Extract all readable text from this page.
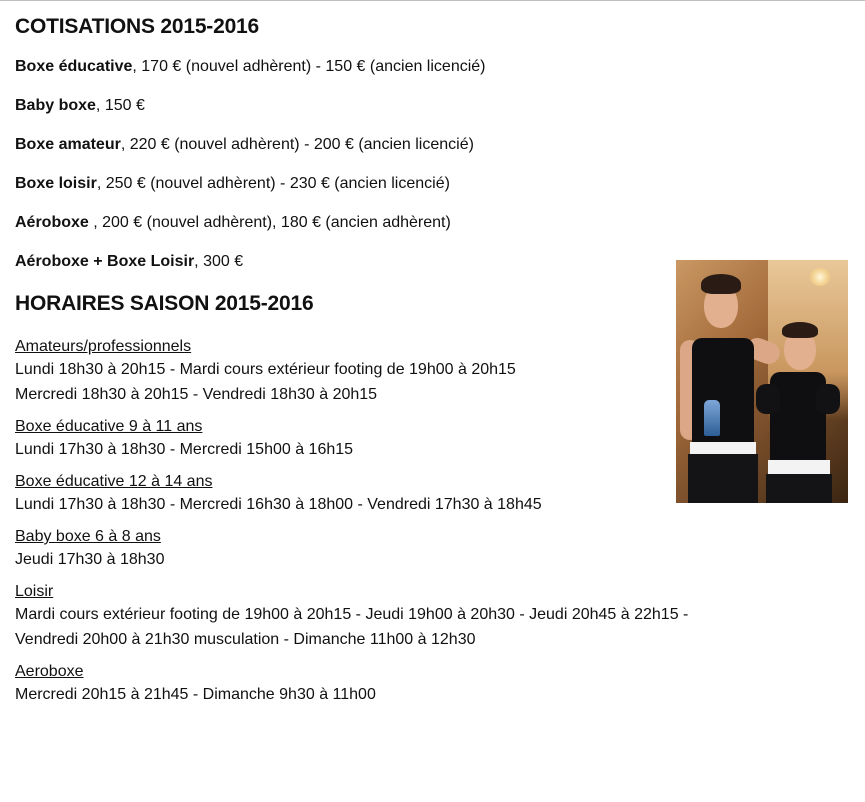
COTISATIONS 2015-2016
Boxe éducative, 170 € (nouvel adhèrent) - 150 € (ancien licencié)
Baby boxe, 150 €
Boxe amateur, 220 € (nouvel adhèrent) - 200 € (ancien licencié)
Boxe loisir, 250 € (nouvel adhèrent) - 230 € (ancien licencié)
Aéroboxe , 200 € (nouvel adhèrent), 180 € (ancien adhèrent)
Aéroboxe + Boxe Loisir, 300 €
HORAIRES SAISON 2015-2016
Amateurs/professionnels
Lundi 18h30 à 20h15 - Mardi cours extérieur footing de 19h00 à 20h15
Mercredi 18h30 à 20h15 - Vendredi 18h30 à 20h15
Boxe éducative 9 à 11 ans
Lundi 17h30 à 18h30 - Mercredi 15h00 à 16h15
Boxe éducative 12 à 14 ans
Lundi 17h30 à 18h30 - Mercredi 16h30 à 18h00 - Vendredi 17h30 à 18h45
Baby boxe 6 à 8 ans
Jeudi 17h30 à 18h30
Loisir
Mardi cours extérieur footing de 19h00 à 20h15 - Jeudi 19h00 à 20h30 - Jeudi 20h45 à 22h15 -
Vendredi 20h00 à 21h30 musculation - Dimanche 11h00 à 12h30
Aeroboxe
Mercredi 20h15 à 21h45 - Dimanche 9h30 à 11h00
